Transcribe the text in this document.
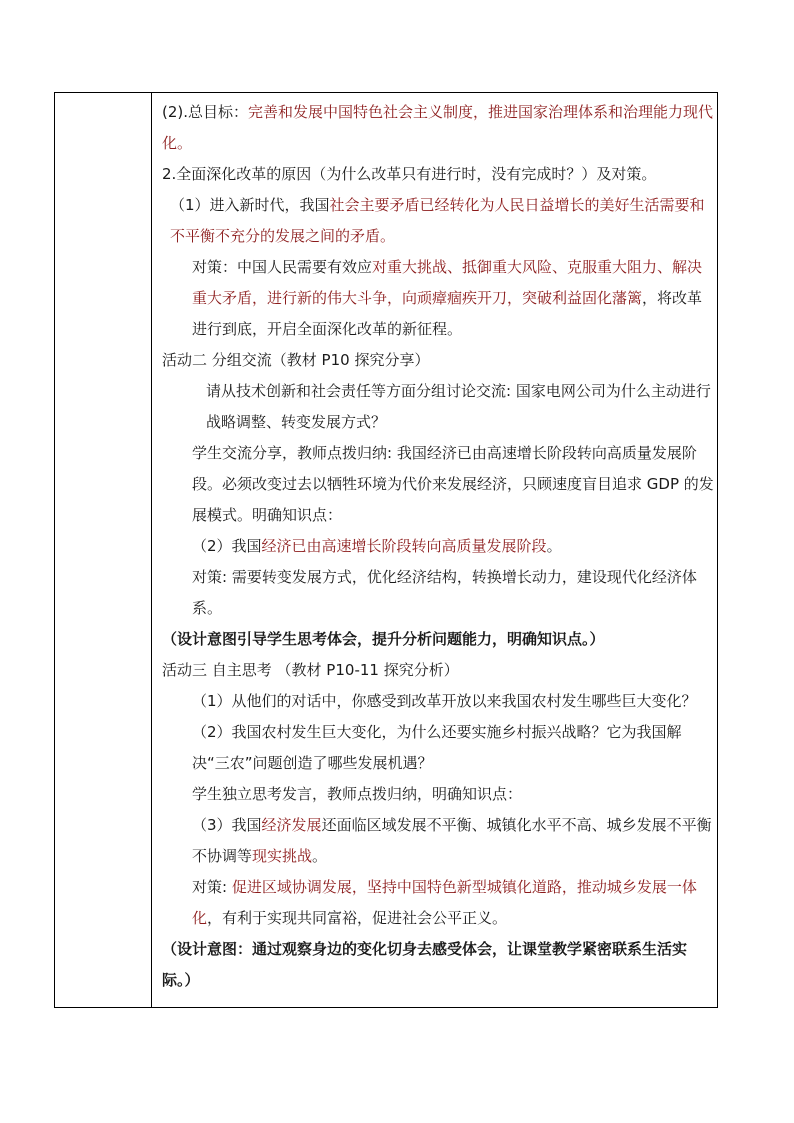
(2).总目标：完善和发展中国特色社会主义制度，推进国家治理体系和治理能力现代化。

2.全面深化改革的原因（为什么改革只有进行时，没有完成时？）及对策。

（1）进入新时代，我国社会主要矛盾已经转化为人民日益增长的美好生活需要和不平衡不充分的发展之间的矛盾。

对策：中国人民需要有效应对重大挑战、抵御重大风险、克服重大阻力、解决重大矛盾，进行新的伟大斗争，向顽瘴痼疾开刀，突破利益固化藩篱，将改革进行到底，开启全面深化改革的新征程。

活动二 分组交流（教材 P10 探究分享）

请从技术创新和社会责任等方面分组讨论交流: 国家电网公司为什么主动进行战略调整、转变发展方式？

学生交流分享，教师点拨归纳: 我国经济已由高速增长阶段转向高质量发展阶段。必须改变过去以牺牲环境为代价来发展经济，只顾速度盲目追求 GDP 的发展模式。明确知识点：

（2）我国经济已由高速增长阶段转向高质量发展阶段。

对策: 需要转变发展方式，优化经济结构，转换增长动力，建设现代化经济体系。

（设计意图引导学生思考体会，提升分析问题能力，明确知识点。）

活动三 自主思考 （教材 P10-11 探究分析）

（1）从他们的对话中，你感受到改革开放以来我国农村发生哪些巨大变化？

（2）我国农村发生巨大变化，为什么还要实施乡村振兴战略？它为我国解决“三农”问题创造了哪些发展机遇？

学生独立思考发言，教师点拨归纳，明确知识点：

（3）我国经济发展还面临区域发展不平衡、城镇化水平不高、城乡发展不平衡不协调等现实挑战。

对策: 促进区域协调发展，坚持中国特色新型城镇化道路，推动城乡发展一体化，有利于实现共同富裕，促进社会公平正义。

（设计意图：通过观察身边的变化切身去感受体会，让课堂教学紧密联系生活实际。）
